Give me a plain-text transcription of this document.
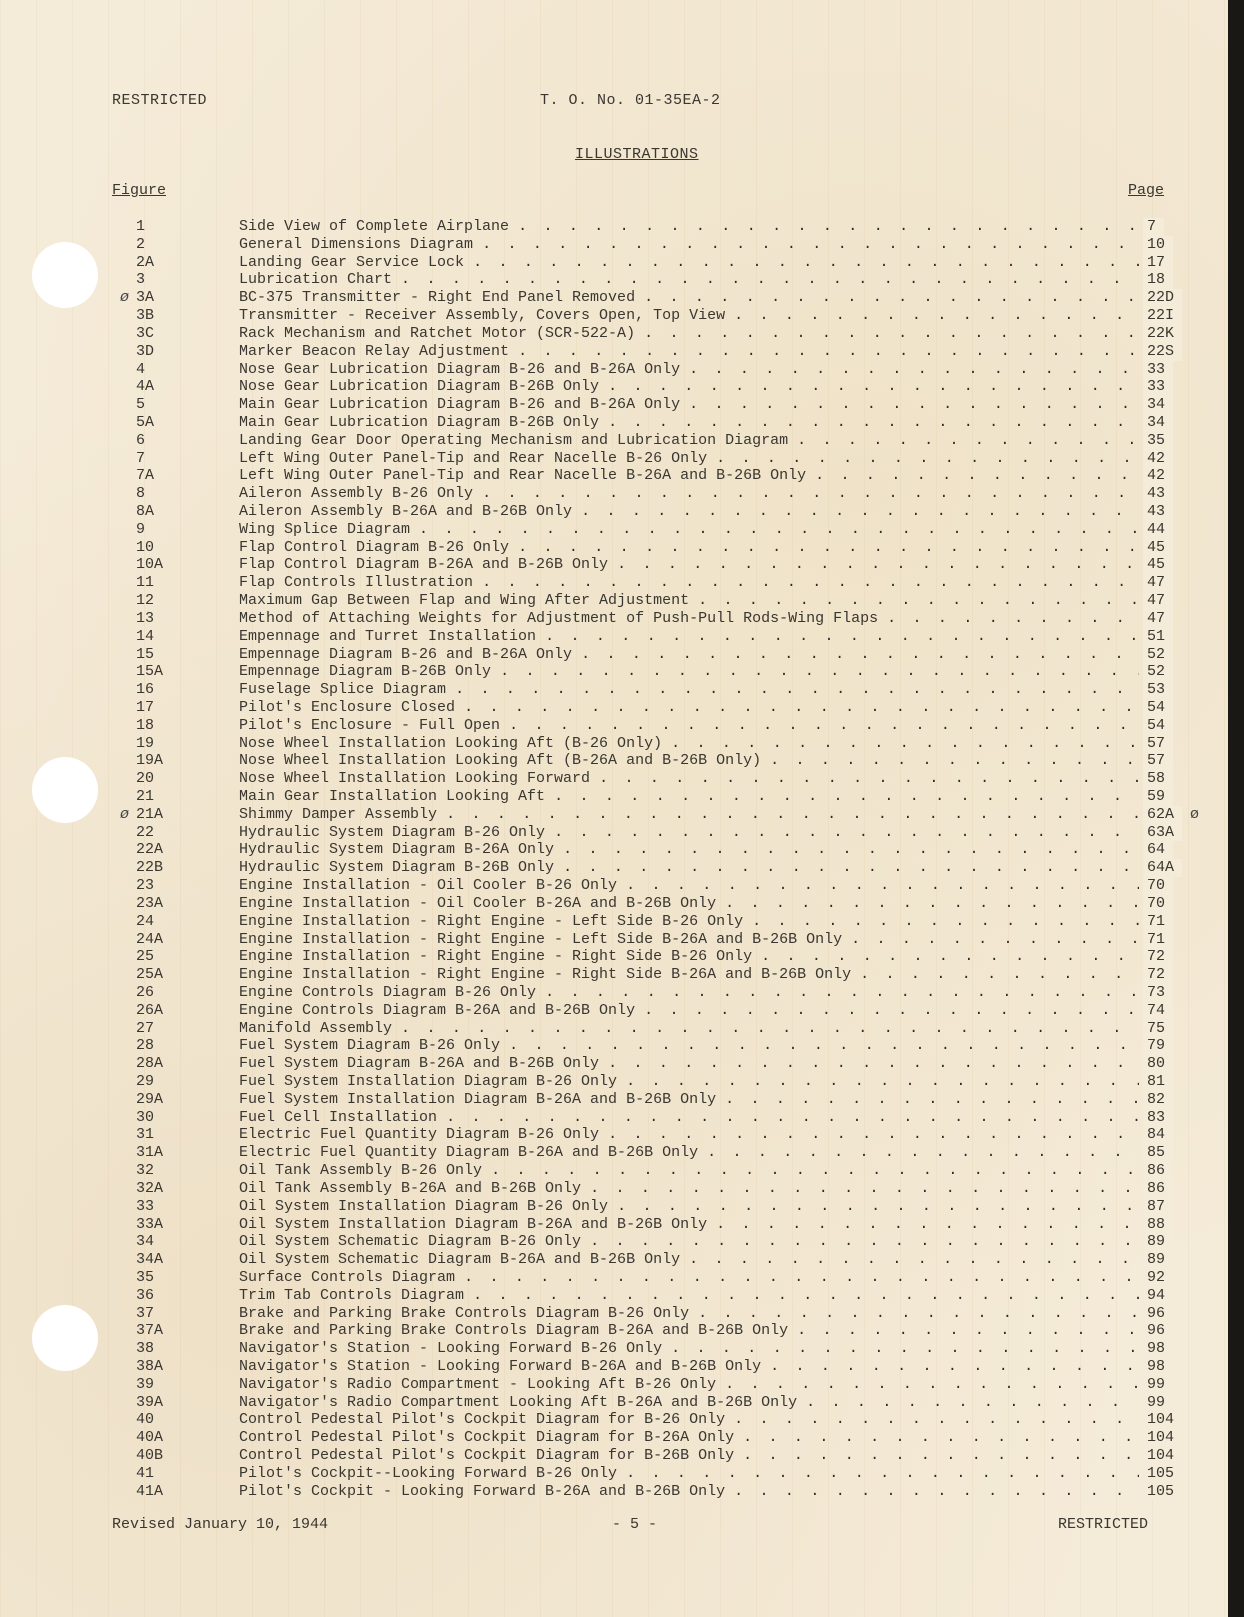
RESTRICTED	T. O. No. 01-35EA-2
ILLUSTRATIONS
Figure	Page
1	Side View of Complete Airplane . . .	7
2	General Dimensions Diagram . . .	10
2A	Landing Gear Service Lock . . .	17
3	Lubrication Chart . . .	18
ø 3A	BC-375 Transmitter - Right End Panel Removed . . .	22D
3B	Transmitter - Receiver Assembly, Covers Open, Top View . . .	22I
3C	Rack Mechanism and Ratchet Motor (SCR-522-A) . . .	22K
3D	Marker Beacon Relay Adjustment . . .	22S
4	Nose Gear Lubrication Diagram B-26 and B-26A Only . . .	33
4A	Nose Gear Lubrication Diagram B-26B Only . . .	33
5	Main Gear Lubrication Diagram B-26 and B-26A Only . . .	34
5A	Main Gear Lubrication Diagram B-26B Only . . .	34
6	Landing Gear Door Operating Mechanism and Lubrication Diagram . . .	35
7	Left Wing Outer Panel-Tip and Rear Nacelle B-26 Only . . .	42
7A	Left Wing Outer Panel-Tip and Rear Nacelle B-26A and B-26B Only . . .	42
8	Aileron Assembly B-26 Only . . .	43
8A	Aileron Assembly B-26A and B-26B Only . . .	43
9	Wing Splice Diagram . . .	44
10	Flap Control Diagram B-26 Only . . .	45
10A	Flap Control Diagram B-26A and B-26B Only . . .	45
11	Flap Controls Illustration . . .	47
12	Maximum Gap Between Flap and Wing After Adjustment . . .	47
13	Method of Attaching Weights for Adjustment of Push-Pull Rods-Wing Flaps . . .	47
14	Empennage and Turret Installation . . .	51
15	Empennage Diagram B-26 and B-26A Only . . .	52
15A	Empennage Diagram B-26B Only . . .	52
16	Fuselage Splice Diagram . . .	53
17	Pilot's Enclosure Closed . . .	54
18	Pilot's Enclosure - Full Open . . .	54
19	Nose Wheel Installation Looking Aft (B-26 Only) . . .	57
19A	Nose Wheel Installation Looking Aft (B-26A and B-26B Only) . . .	57
20	Nose Wheel Installation Looking Forward . . .	58
21	Main Gear Installation Looking Aft . . .	59
ø 21A	Shimmy Damper Assembly . . .	62A	ø
22	Hydraulic System Diagram B-26 Only . . .	63A
22A	Hydraulic System Diagram B-26A Only . . .	64
22B	Hydraulic System Diagram B-26B Only . . .	64A
23	Engine Installation - Oil Cooler B-26 Only . . .	70
23A	Engine Installation - Oil Cooler B-26A and B-26B Only . . .	70
24	Engine Installation - Right Engine - Left Side B-26 Only . . .	71
24A	Engine Installation - Right Engine - Left Side B-26A and B-26B Only . . .	71
25	Engine Installation - Right Engine - Right Side B-26 Only . . .	72
25A	Engine Installation - Right Engine - Right Side B-26A and B-26B Only . . .	72
26	Engine Controls Diagram B-26 Only . . .	73
26A	Engine Controls Diagram B-26A and B-26B Only . . .	74
27	Manifold Assembly . . .	75
28	Fuel System Diagram B-26 Only . . .	79
28A	Fuel System Diagram B-26A and B-26B Only . . .	80
29	Fuel System Installation Diagram B-26 Only . . .	81
29A	Fuel System Installation Diagram B-26A and B-26B Only . . .	82
30	Fuel Cell Installation . . .	83
31	Electric Fuel Quantity Diagram B-26 Only . . .	84
31A	Electric Fuel Quantity Diagram B-26A and B-26B Only . . .	85
32	Oil Tank Assembly B-26 Only . . .	86
32A	Oil Tank Assembly B-26A and B-26B Only . . .	86
33	Oil System Installation Diagram B-26 Only . . .	87
33A	Oil System Installation Diagram B-26A and B-26B Only . . .	88
34	Oil System Schematic Diagram B-26 Only . . .	89
34A	Oil System Schematic Diagram B-26A and B-26B Only . . .	89
35	Surface Controls Diagram . . .	92
36	Trim Tab Controls Diagram . . .	94
37	Brake and Parking Brake Controls Diagram B-26 Only . . .	96
37A	Brake and Parking Brake Controls Diagram B-26A and B-26B Only . . .	96
38	Navigator's Station - Looking Forward B-26 Only . . .	98
38A	Navigator's Station - Looking Forward B-26A and B-26B Only . . .	98
39	Navigator's Radio Compartment - Looking Aft B-26 Only . . .	99
39A	Navigator's Radio Compartment Looking Aft B-26A and B-26B Only . . .	99
40	Control Pedestal Pilot's Cockpit Diagram for B-26 Only . . .	104
40A	Control Pedestal Pilot's Cockpit Diagram for B-26A Only . . .	104
40B	Control Pedestal Pilot's Cockpit Diagram for B-26B Only . . .	104
41	Pilot's Cockpit--Looking Forward B-26 Only . . .	105
41A	Pilot's Cockpit - Looking Forward B-26A and B-26B Only . . .	105
Revised January 10, 1944	- 5 -	RESTRICTED
